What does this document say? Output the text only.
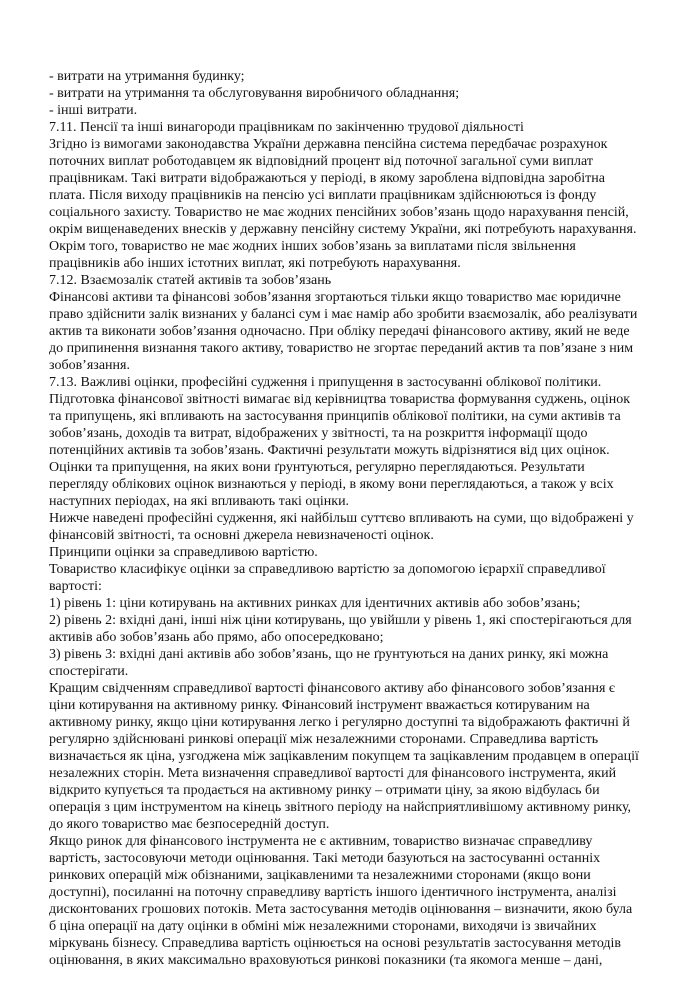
- витрати на утримання будинку;
- витрати на утримання та обслуговування виробничого обладнання;
- інші витрати.
7.11. Пенсії та інші винагороди працівникам по закінченню трудової діяльності
Згідно із вимогами законодавства України державна пенсійна система передбачає розрахунок
поточних виплат роботодавцем як відповідний процент від поточної загальної суми виплат
працівникам. Такі витрати відображаються у періоді, в якому зароблена відповідна заробітна
плата. Після виходу працівників на пенсію усі виплати працівникам здійснюються із фонду
соціального захисту. Товариство не має жодних пенсійних зобов’язань щодо нарахування пенсій,
окрім вищенаведених внесків у державну пенсійну систему України, які потребують нарахування.
Окрім того, товариство не має жодних інших зобов’язань за виплатами після звільнення
працівників або інших істотних виплат, які потребують нарахування.
7.12. Взаємозалік статей активів та зобов’язань
Фінансові активи та фінансові зобов’язання згортаються тільки якщо товариство має юридичне
право здійснити залік визнаних у балансі сум і має намір або зробити взаємозалік, або реалізувати
актив та виконати зобов’язання одночасно. При обліку передачі фінансового активу, який не веде
до припинення визнання такого активу, товариство не згортає переданий актив та пов’язане з ним
зобов’язання.
7.13. Важливі оцінки, професійні судження і припущення в застосуванні облікової політики.
Підготовка фінансової звітності вимагає від керівництва товариства формування суджень, оцінок
та припущень, які впливають на застосування принципів облікової політики, на суми активів та
зобов’язань, доходів та витрат, відображених у звітності, та на розкриття інформації щодо
потенційних активів та зобов’язань. Фактичні результати можуть відрізнятися від цих оцінок.
Оцінки та припущення, на яких вони ґрунтуються, регулярно переглядаються. Результати
перегляду облікових оцінок визнаються у періоді, в якому вони переглядаються, а також у всіх
наступних періодах, на які впливають такі оцінки.
Нижче наведені професійні судження, які найбільш суттєво впливають на суми, що відображені у
фінансовій звітності, та основні джерела невизначеності оцінок.
Принципи оцінки за справедливою вартістю.
Товариство класифікує оцінки за справедливою вартістю за допомогою ієрархії справедливої
вартості:
1) рівень 1: ціни котирувань на активних ринках для ідентичних активів або зобов’язань;
2) рівень 2: вхідні дані, інші ніж ціни котирувань, що увійшли у рівень 1, які спостерігаються для
активів або зобов’язань або прямо, або опосередковано;
3) рівень 3: вхідні дані активів або зобов’язань, що не ґрунтуються на даних ринку, які можна
спостерігати.
Кращим свідченням справедливої вартості фінансового активу або фінансового зобов’язання є
ціни котирування на активному ринку. Фінансовий інструмент вважається котируваним на
активному ринку, якщо ціни котирування легко і регулярно доступні та відображають фактичні й
регулярно здійснювані ринкові операції між незалежними сторонами. Справедлива вартість
визначається як ціна, узгоджена між зацікавленим покупцем та зацікавленим продавцем в операції
незалежних сторін. Мета визначення справедливої вартості для фінансового інструмента, який
відкрито купується та продається на активному ринку – отримати ціну, за якою відбулась би
операція з цим інструментом на кінець звітного періоду на найсприятливішому активному ринку,
до якого товариство має безпосередній доступ.
Якщо ринок для фінансового інструмента не є активним, товариство визначає справедливу
вартість, застосовуючи методи оцінювання. Такі методи базуються на застосуванні останніх
ринкових операцій між обізнаними, зацікавленими та незалежними сторонами (якщо вони
доступні), посиланні на поточну справедливу вартість іншого ідентичного інструмента, аналізі
дисконтованих грошових потоків. Мета застосування методів оцінювання – визначити, якою була
б ціна операції на дату оцінки в обміні між незалежними сторонами, виходячи із звичайних
міркувань бізнесу. Справедлива вартість оцінюється на основі результатів застосування методів
оцінювання, в яких максимально враховуються ринкові показники (та якомога менше – дані,
